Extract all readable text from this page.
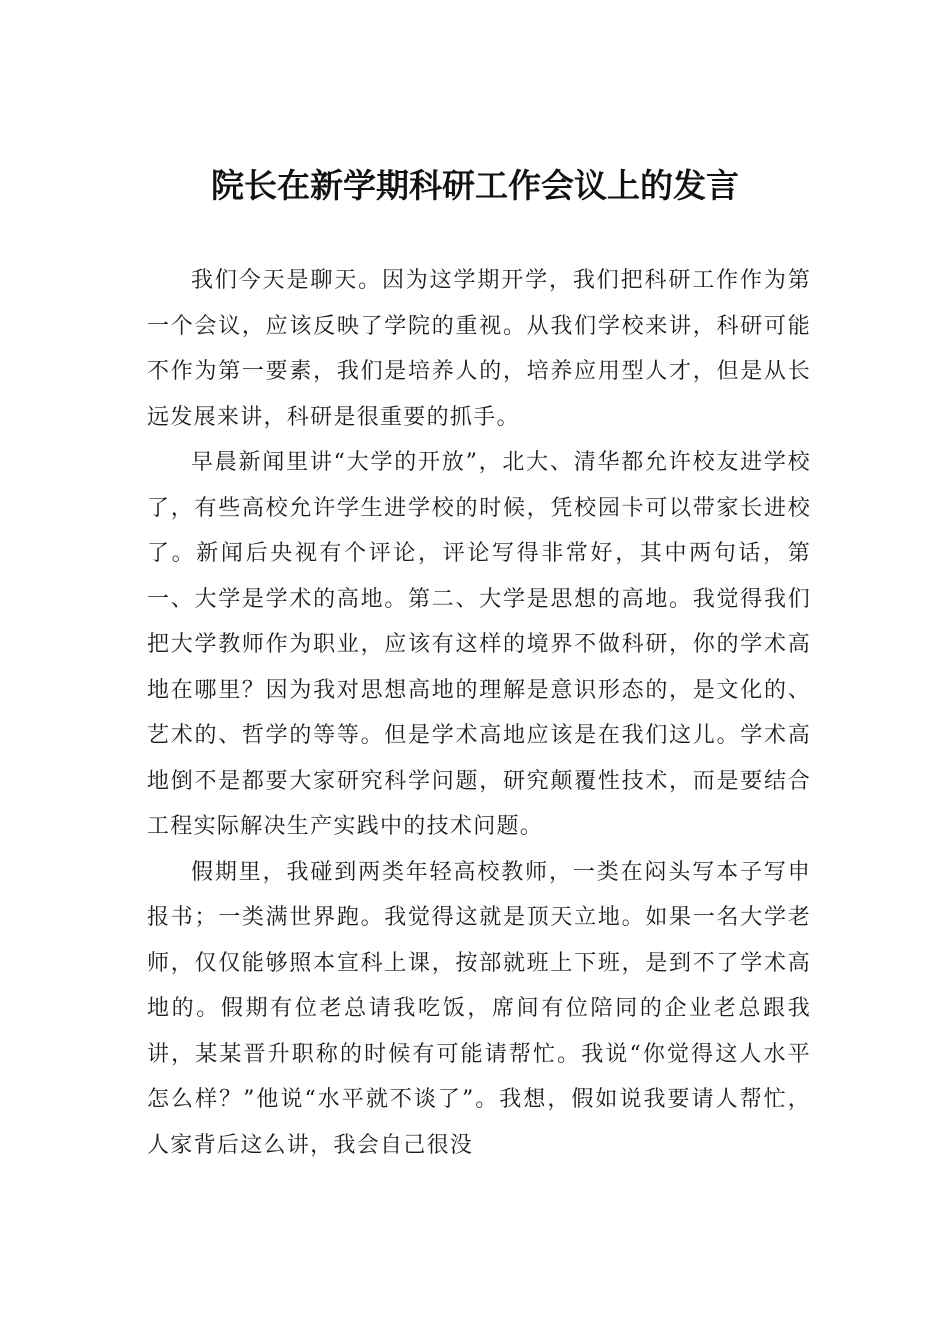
院长在新学期科研工作会议上的发言

我们今天是聊天。因为这学期开学，我们把科研工作作为第一个会议，应该反映了学院的重视。从我们学校来讲，科研可能不作为第一要素，我们是培养人的，培养应用型人才，但是从长远发展来讲，科研是很重要的抓手。

早晨新闻里讲“大学的开放”，北大、清华都允许校友进学校了，有些高校允许学生进学校的时候，凭校园卡可以带家长进校了。新闻后央视有个评论，评论写得非常好，其中两句话，第一、大学是学术的高地。第二、大学是思想的高地。我觉得我们把大学教师作为职业，应该有这样的境界不做科研，你的学术高地在哪里？因为我对思想高地的理解是意识形态的，是文化的、艺术的、哲学的等等。但是学术高地应该是在我们这儿。学术高地倒不是都要大家研究科学问题，研究颠覆性技术，而是要结合工程实际解决生产实践中的技术问题。

假期里，我碰到两类年轻高校教师，一类在闷头写本子写申报书；一类满世界跑。我觉得这就是顶天立地。如果一名大学老师，仅仅能够照本宣科上课，按部就班上下班，是到不了学术高地的。假期有位老总请我吃饭，席间有位陪同的企业老总跟我讲，某某晋升职称的时候有可能请帮忙。我说“你觉得这人水平怎么样？”他说“水平就不谈了”。我想，假如说我要请人帮忙，人家背后这么讲，我会自己很没
